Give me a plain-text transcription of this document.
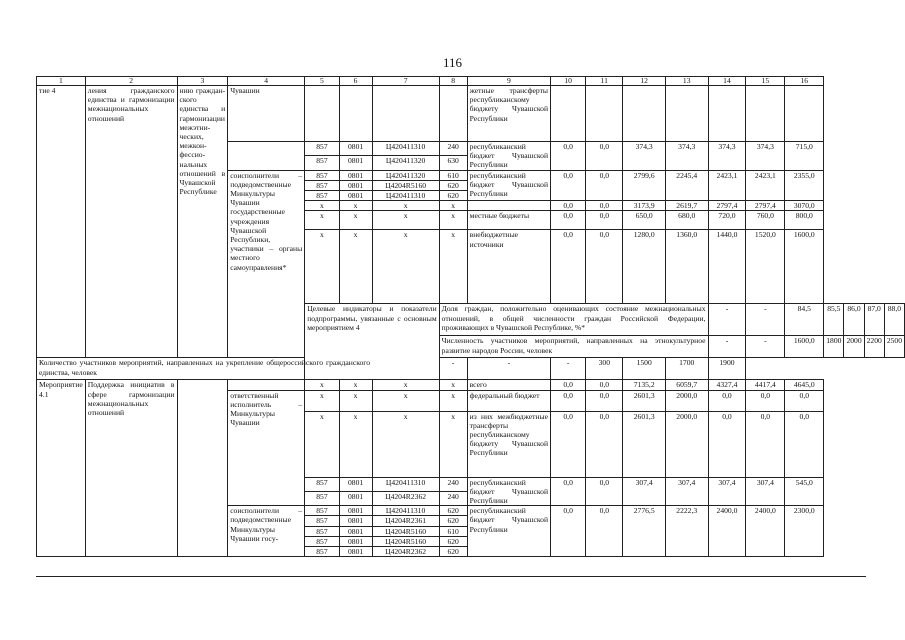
116
1	2	3	4	5	6	7	8	9	10	11	12	13	14	15	16				
тие 4	ления гражданского единства и гармонизации межнациональных отношений	нию гражданского единства и гармонизации межэтнических, межконфессиональных отношений в Чувашской Республике	Чувашии					жетные трансферты республиканскому бюджету Чувашской Республики											
				857	0801	Ц420411310	240	республиканский бюджет Чувашской Республики	0,0	0,0	374,3	374,3	374,3	374,3	715,0				
				857	0801	Ц420411320	630												
			соисполнители – подведомственные Минкультуры Чувашии государственные учреждения Чувашской Республики, участники – органы местного самоуправления*	857	0801	Ц420411320	610	республиканский бюджет Чувашской Республики	0,0	0,0	2799,6	2245,4	2423,1	2423,1	2355,0				
				857	0801	Ц4204R5160	620												
				857	0801	Ц420411310	620												
				x	x	x	x		0,0	0,0	3173,9	2619,7	2797,4	2797,4	3070,0				
				x	x	x	x	местные бюджеты	0,0	0,0	650,0	680,0	720,0	760,0	800,0				
				x	x	x	x	внебюджетные источники	0,0	0,0	1280,0	1360,0	1440,0	1520,0	1600,0				
				Целевые индикаторы и показатели подпрограммы, увязанные с основным мероприятием 4			Доля граждан, положительно оценивающих состояние межнациональных отношений, в общей численности граждан Российской Федерации, проживающих в Чувашской Республике, %*						-	-	84,5	85,5	86,0	87,0	88,0
							Численность участников мероприятий, направленных на этнокультурное развитие народов России, человек						-	-	1600,0	1800	2000	2200	2500
Количество участников мероприятий, направленных на укрепление общероссийского гражданского единства, человек							-	-	-	300	1500	1700	1900						
Мероприятие 4.1	Поддержка инициатив в сфере гармонизации межнациональных отношений			x	x	x	x	всего	0,0	0,0	7135,2	6059,7	4327,4	4417,4	4645,0				
			ответственный исполнитель – Минкультуры Чувашии	x	x	x	x	федеральный бюджет	0,0	0,0	2601,3	2000,0	0,0	0,0	0,0				
				x	x	x	x	из них межбюджетные трансферты республиканскому бюджету Чувашской Республики	0,0	0,0	2601,3	2000,0	0,0	0,0	0,0				
				857	0801	Ц420411310	240	республиканский бюджет Чувашской Республики	0,0	0,0	307,4	307,4	307,4	307,4	545,0				
				857	0801	Ц4204R2362	240												
			соисполнители – подведомственные Минкультуры Чувашии госу-	857	0801	Ц420411310	620	республиканский бюджет Чувашской Республики	0,0	0,0	2776,5	2222,3	2400,0	2400,0	2300,0				
				857	0801	Ц4204R2361	620												
				857	0801	Ц4204R5160	610												
				857	0801	Ц4204R5160	620												
				857	0801	Ц4204R2362	620												
